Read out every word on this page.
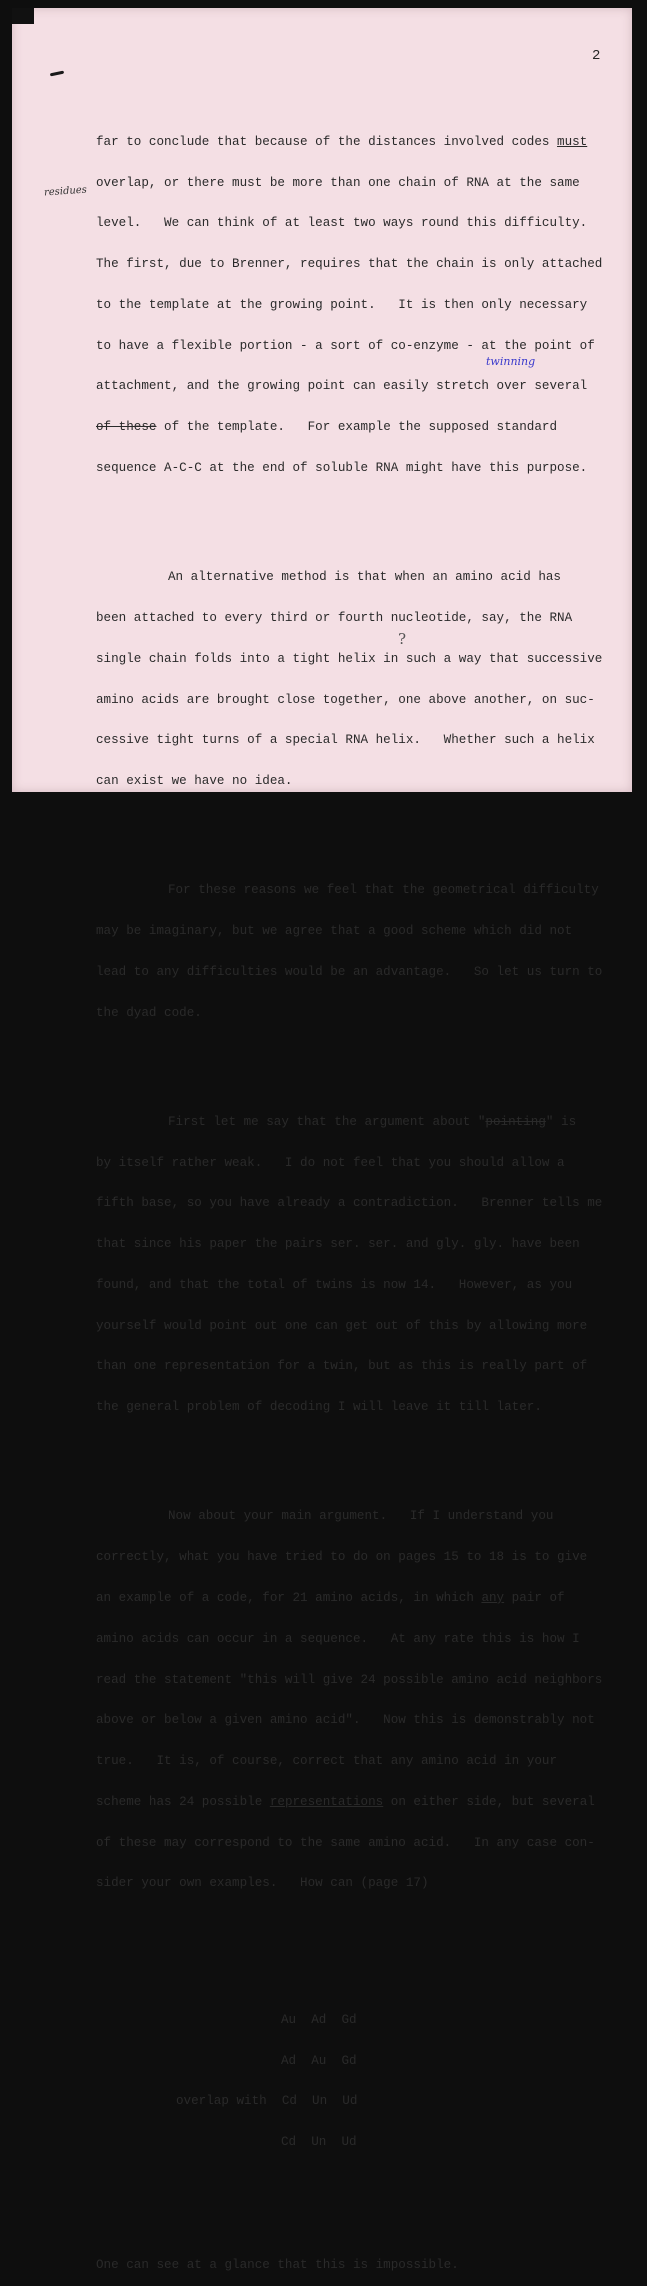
2
residues
twinning
?

far to conclude that because of the distances involved codes must

overlap, or there must be more than one chain of RNA at the same

level.   We can think of at least two ways round this difficulty.

The first, due to Brenner, requires that the chain is only attached

to the template at the growing point.   It is then only necessary

to have a flexible portion - a sort of co-enzyme - at the point of

attachment, and the growing point can easily stretch over several

of these of the template.   For example the supposed standard

sequence A-C-C at the end of soluble RNA might have this purpose.

An alternative method is that when an amino acid has

been attached to every third or fourth nucleotide, say, the RNA

single chain folds into a tight helix in such a way that successive

amino acids are brought close together, one above another, on suc-

cessive tight turns of a special RNA helix.   Whether such a helix

can exist we have no idea.

For these reasons we feel that the geometrical difficulty

may be imaginary, but we agree that a good scheme which did not

lead to any difficulties would be an advantage.   So let us turn to

the dyad code.

First let me say that the argument about "pointing" is

by itself rather weak.   I do not feel that you should allow a

fifth base, so you have already a contradiction.   Brenner tells me

that since his paper the pairs ser. ser. and gly. gly. have been

found, and that the total of twins is now 14.   However, as you

yourself would point out one can get out of this by allowing more

than one representation for a twin, but as this is really part of

the general problem of decoding I will leave it till later.

Now about your main argument.   If I understand you

correctly, what you have tried to do on pages 15 to 18 is to give

an example of a code, for 21 amino acids, in which any pair of

amino acids can occur in a sequence.   At any rate this is how I

read the statement "this will give 24 possible amino acid neighbors

above or below a given amino acid".   Now this is demonstrably not

true.   It is, of course, correct that any amino acid in your

scheme has 24 possible representations on either side, but several

of these may correspond to the same amino acid.   In any case con-

sider your own examples.   How can (page 17)

Au  Ad  Gd

Ad  Au  Gd

overlap with Cd  Un  Ud

Cd  Un  Ud

One can see at a glance that this is impossible.
